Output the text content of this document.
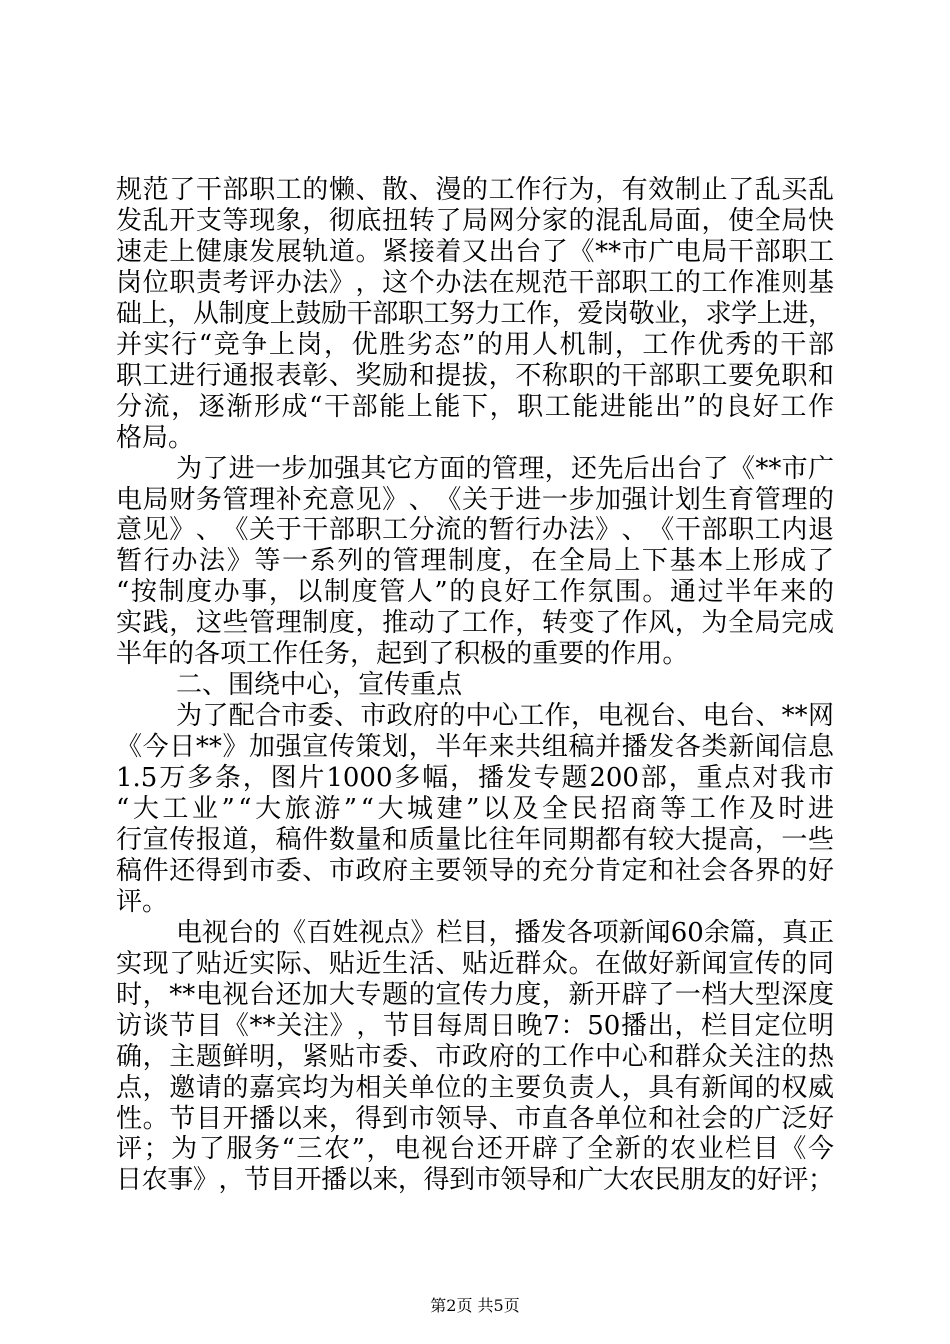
规 范 了 干 部 职 工 的 懒 、 散 、 漫 的 工 作 行 为 ， 有 效 制 止 了 乱 买 乱
发 乱 开 支 等 现 象 ， 彻 底 扭 转 了 局 网 分 家 的 混 乱 局 面 ， 使 全 局 快
速 走 上 健 康 发 展 轨 道 。 紧 接 着 又 出 台 了 《 ** 市 广 电 局 干 部 职 工
岗 位 职 责 考 评 办 法 》 ， 这 个 办 法 在 规 范 干 部 职 工 的 工 作 准 则 基
础 上 ， 从 制 度 上 鼓 励 干 部 职 工 努 力 工 作 ， 爱 岗 敬 业 ， 求 学 上 进 ，
并 实 行 “ 竞 争 上 岗 ， 优 胜 劣 态 ” 的 用 人 机 制 ， 工 作 优 秀 的 干 部
职 工 进 行 通 报 表 彰 、 奖 励 和 提 拔 ， 不 称 职 的 干 部 职 工 要 免 职 和
分 流 ， 逐 渐 形 成 “ 干 部 能 上 能 下 ， 职 工 能 进 能 出 ” 的 良 好 工 作
格 局 。
为 了 进 一 步 加 强 其 它 方 面 的 管 理 ， 还 先 后 出 台 了 《 ** 市 广
电 局 财 务 管 理 补 充 意 见 》 、 《 关 于 进 一 步 加 强 计 划 生 育 管 理 的
意 见 》 、 《 关 于 干 部 职 工 分 流 的 暂 行 办 法 》 、 《 干 部 职 工 内 退
暂 行 办 法 》 等 一 系 列 的 管 理 制 度 ， 在 全 局 上 下 基 本 上 形 成 了
“ 按 制 度 办 事 ， 以 制 度 管 人 ” 的 良 好 工 作 氛 围 。 通 过 半 年 来 的
实 践 ， 这 些 管 理 制 度 ， 推 动 了 工 作 ， 转 变 了 作 风 ， 为 全 局 完 成
半 年 的 各 项 工 作 任 务 ， 起 到 了 积 极 的 重 要 的 作 用 。
二 、 围 绕 中 心 ， 宣 传 重 点
为 了 配 合 市 委 、 市 政 府 的 中 心 工 作 ， 电 视 台 、 电 台 、 ** 网
《 今 日 ** 》 加 强 宣 传 策 划 ， 半 年 来 共 组 稿 并 播 发 各 类 新 闻 信 息
1.5 万 多 条 ， 图 片 1000 多 幅 ， 播 发 专 题 200 部 ， 重 点 对 我 市
“ 大 工 业 ” “ 大 旅 游 ” “ 大 城 建 ” 以 及 全 民 招 商 等 工 作 及 时 进
行 宣 传 报 道 ， 稿 件 数 量 和 质 量 比 往 年 同 期 都 有 较 大 提 高 ， 一 些
稿 件 还 得 到 市 委 、 市 政 府 主 要 领 导 的 充 分 肯 定 和 社 会 各 界 的 好
评 。
电 视 台 的 《 百 姓 视 点 》 栏 目 ， 播 发 各 项 新 闻 60 余 篇 ， 真 正
实 现 了 贴 近 实 际 、 贴 近 生 活 、 贴 近 群 众 。 在 做 好 新 闻 宣 传 的 同
时 ， ** 电 视 台 还 加 大 专 题 的 宣 传 力 度 ， 新 开 辟 了 一 档 大 型 深 度
访 谈 节 目 《 ** 关 注 》 ， 节 目 每 周 日 晚 7 ： 50 播 出 ， 栏 目 定 位 明
确 ， 主 题 鲜 明 ， 紧 贴 市 委 、 市 政 府 的 工 作 中 心 和 群 众 关 注 的 热
点 ， 邀 请 的 嘉 宾 均 为 相 关 单 位 的 主 要 负 责 人 ， 具 有 新 闻 的 权 威
性 。 节 目 开 播 以 来 ， 得 到 市 领 导 、 市 直 各 单 位 和 社 会 的 广 泛 好
评 ； 为 了 服 务 “ 三 农 ” ， 电 视 台 还 开 辟 了 全 新 的 农 业 栏 目 《 今
日 农 事 》 ， 节 目 开 播 以 来 ， 得 到 市 领 导 和 广 大 农 民 朋 友 的 好 评 ；
第2页 共5页
